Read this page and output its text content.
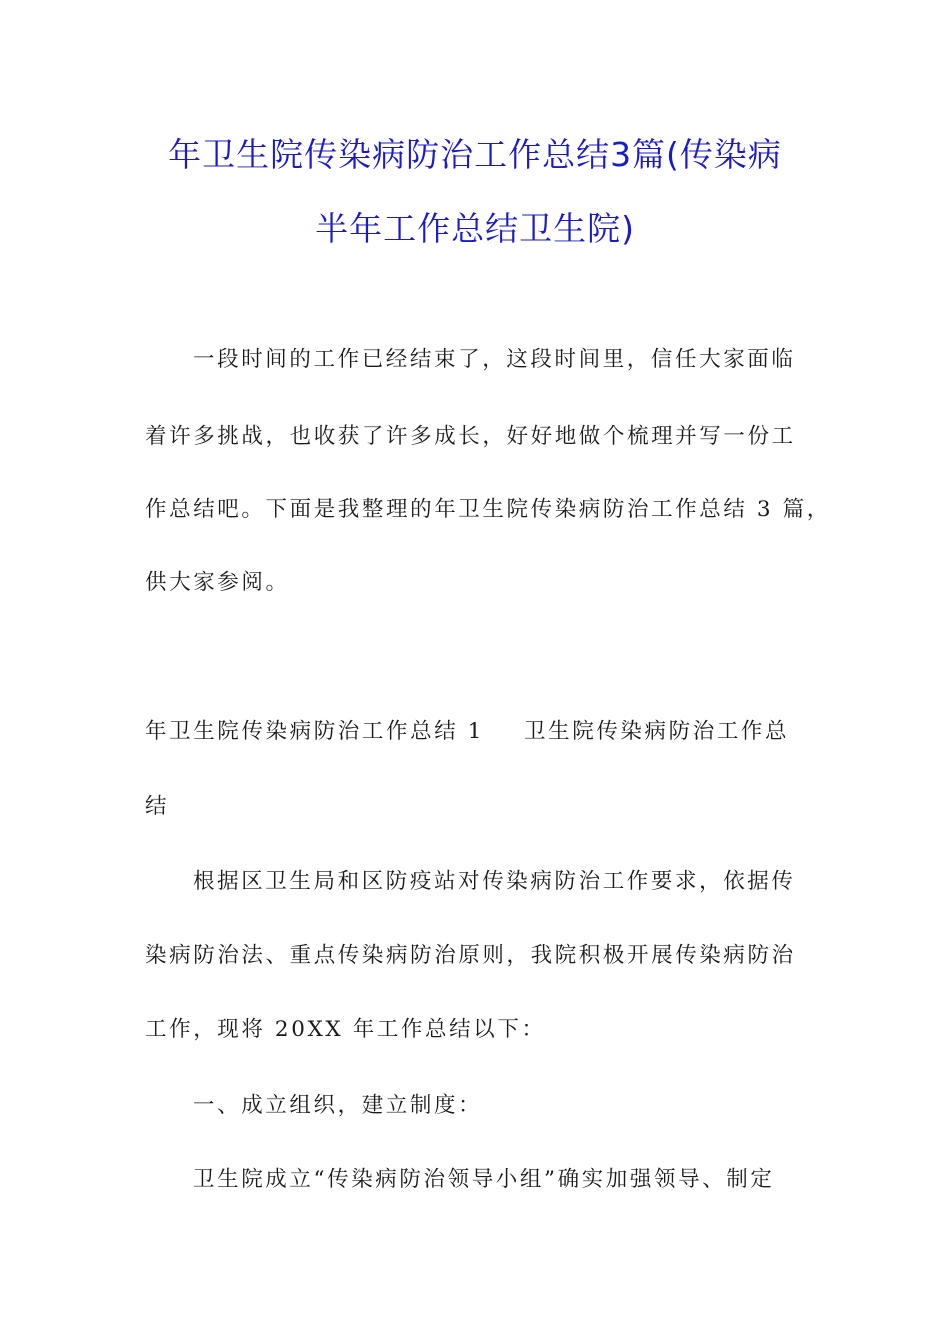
年卫生院传染病防治工作总结3篇(传染病
半年工作总结卫生院)
一段时间的工作已经结束了，这段时间里，信任大家面临
着许多挑战，也收获了许多成长，好好地做个梳理并写一份工
作总结吧。下面是我整理的年卫生院传染病防治工作总结 3 篇，
供大家参阅。
年卫生院传染病防治工作总结 1 卫生院传染病防治工作总
结
根据区卫生局和区防疫站对传染病防治工作要求，依据传
染病防治法、重点传染病防治原则，我院积极开展传染病防治
工作，现将 20XX 年工作总结以下：
一、成立组织，建立制度：
卫生院成立“传染病防治领导小组”确实加强领导、制定
